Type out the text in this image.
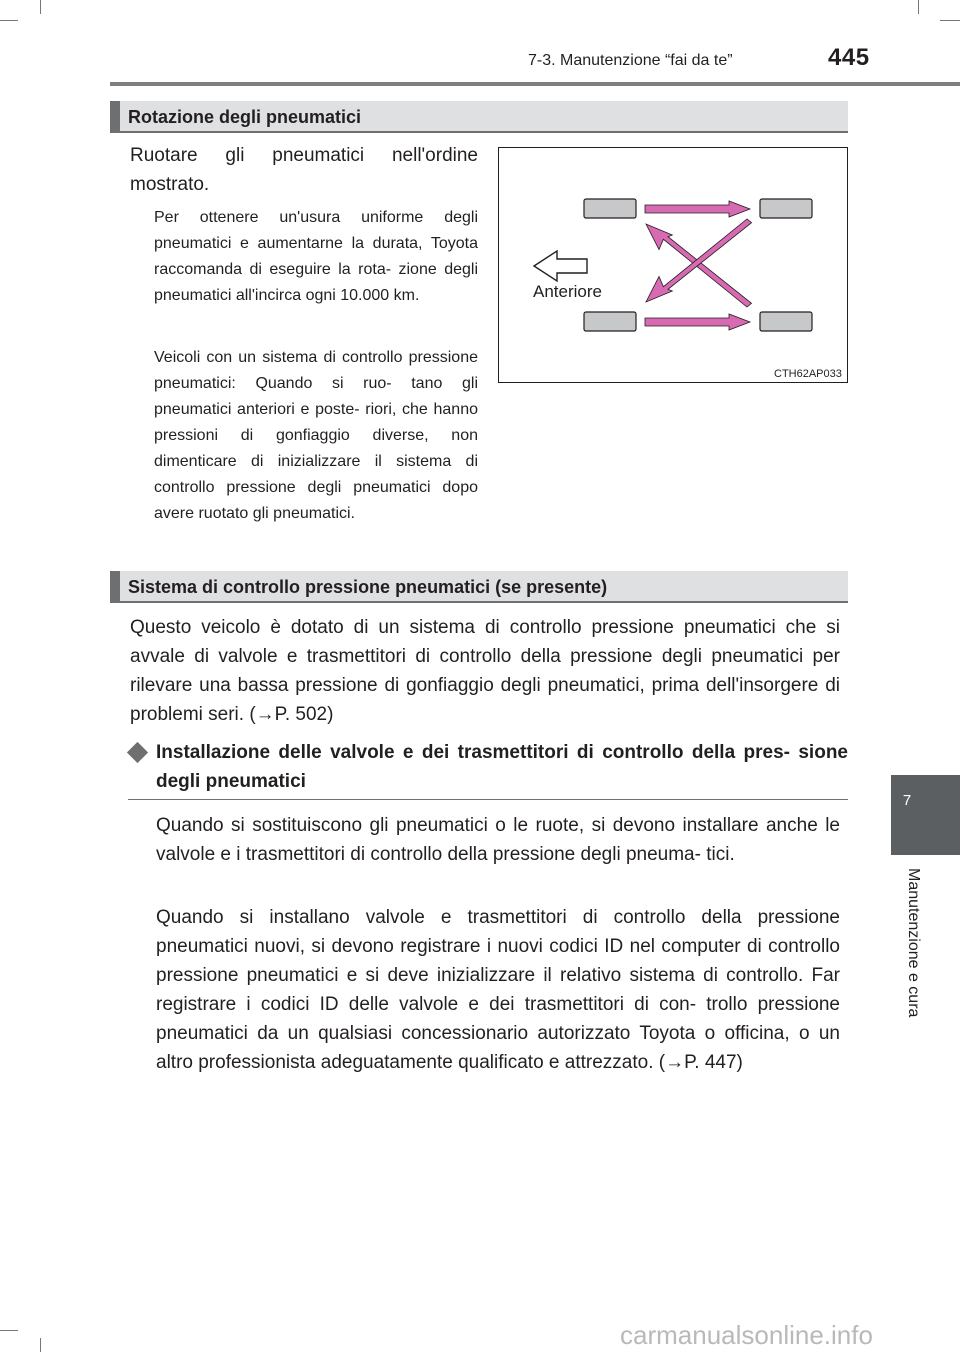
7-3. Manutenzione “fai da te”	445
7
Manutenzione e cura
Rotazione degli pneumatici
Ruotare gli pneumatici nell'ordine mostrato.
Per ottenere un'usura uniforme degli pneumatici e aumentarne la durata, Toyota raccomanda di eseguire la rota- zione degli pneumatici all'incirca ogni 10.000 km.
Veicoli con un sistema di controllo pressione pneumatici: Quando si ruo- tano gli pneumatici anteriori e poste- riori, che hanno pressioni di gonfiaggio diverse, non dimenticare di inizializzare il sistema di controllo pressione degli pneumatici dopo avere ruotato gli pneumatici.
Anteriore
CTH62AP033
Sistema di controllo pressione pneumatici (se presente)
Questo veicolo è dotato di un sistema di controllo pressione pneumatici che si avvale di valvole e trasmettitori di controllo della pressione degli pneumatici per rilevare una bassa pressione di gonfiaggio degli pneumatici, prima dell'insorgere di problemi seri. (→P. 502)
Installazione delle valvole e dei trasmettitori di controllo della pres- sione degli pneumatici
Quando si sostituiscono gli pneumatici o le ruote, si devono installare anche le valvole e i trasmettitori di controllo della pressione degli pneuma- tici.
Quando si installano valvole e trasmettitori di controllo della pressione pneumatici nuovi, si devono registrare i nuovi codici ID nel computer di controllo pressione pneumatici e si deve inizializzare il relativo sistema di controllo. Far registrare i codici ID delle valvole e dei trasmettitori di con- trollo pressione pneumatici da un qualsiasi concessionario autorizzato Toyota o officina, o un altro professionista adeguatamente qualificato e attrezzato. (→P. 447)
carmanualsonline.info
